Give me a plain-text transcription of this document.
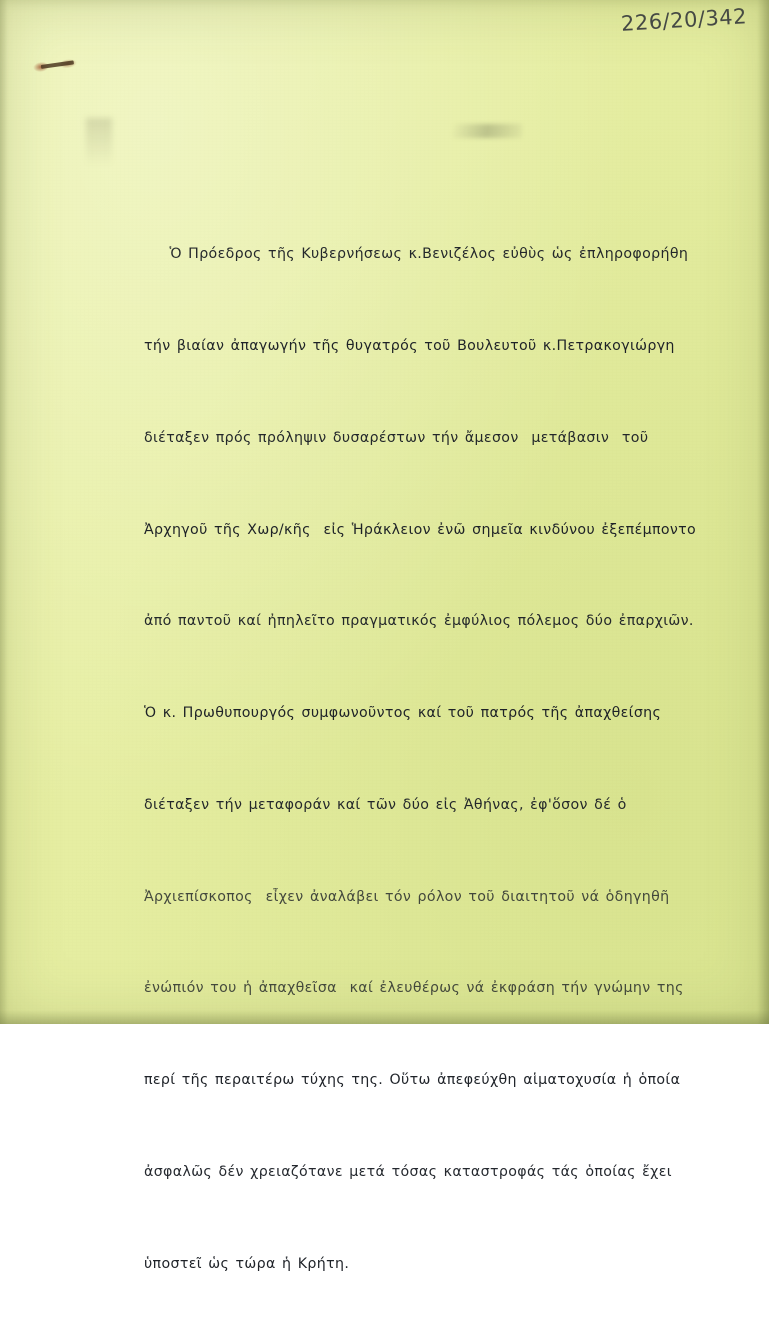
226/20/342

Ὁ Πρόεδρος τῆς Κυβερνήσεως κ.Βενιζέλος εὐθὺς ὡς ἐπληροφορήθη

τήν βιαίαν ἀπαγωγήν τῆς θυγατρός τοῦ Βουλευτοῦ κ.Πετρακογιώργη

διέταξεν πρός πρόληψιν δυσαρέστων τήν ἄμεσον  μετάβασιν  τοῦ

Ἀρχηγοῦ τῆς Χωρ/κῆς  εἰς Ἡράκλειον ἐνῶ σημεῖα κινδύνου ἐξεπέμποντο

ἀπό παντοῦ καί ἠπηλεῖτο πραγματικός ἐμφύλιος πόλεμος δύο ἐπαρχιῶν.

Ὁ κ. Πρωθυπουργός συμφωνοῦντος καί τοῦ πατρός τῆς ἀπαχθείσης

διέταξεν τήν μεταφοράν καί τῶν δύο εἰς Ἀθήνας, ἐφ'ὅσον δέ ὁ

Ἀρχιεπίσκοπος  εἶχεν ἀναλάβει τόν ρόλον τοῦ διαιτητοῦ νά ὁδηγηθῆ

ἐνώπιόν του ἡ ἀπαχθεῖσα  καί ἐλευθέρως νά ἐκφράση τήν γνώμην της

περί τῆς περαιτέρω τύχης της. Οὕτω ἀπεφεύχθη αἱματοχυσία ἡ ὁποία

ἀσφαλῶς δέν χρειαζότανε μετά τόσας καταστροφάς τάς ὁποίας ἔχει

ὑποστεῖ ὡς τώρα ἡ Κρήτη.
